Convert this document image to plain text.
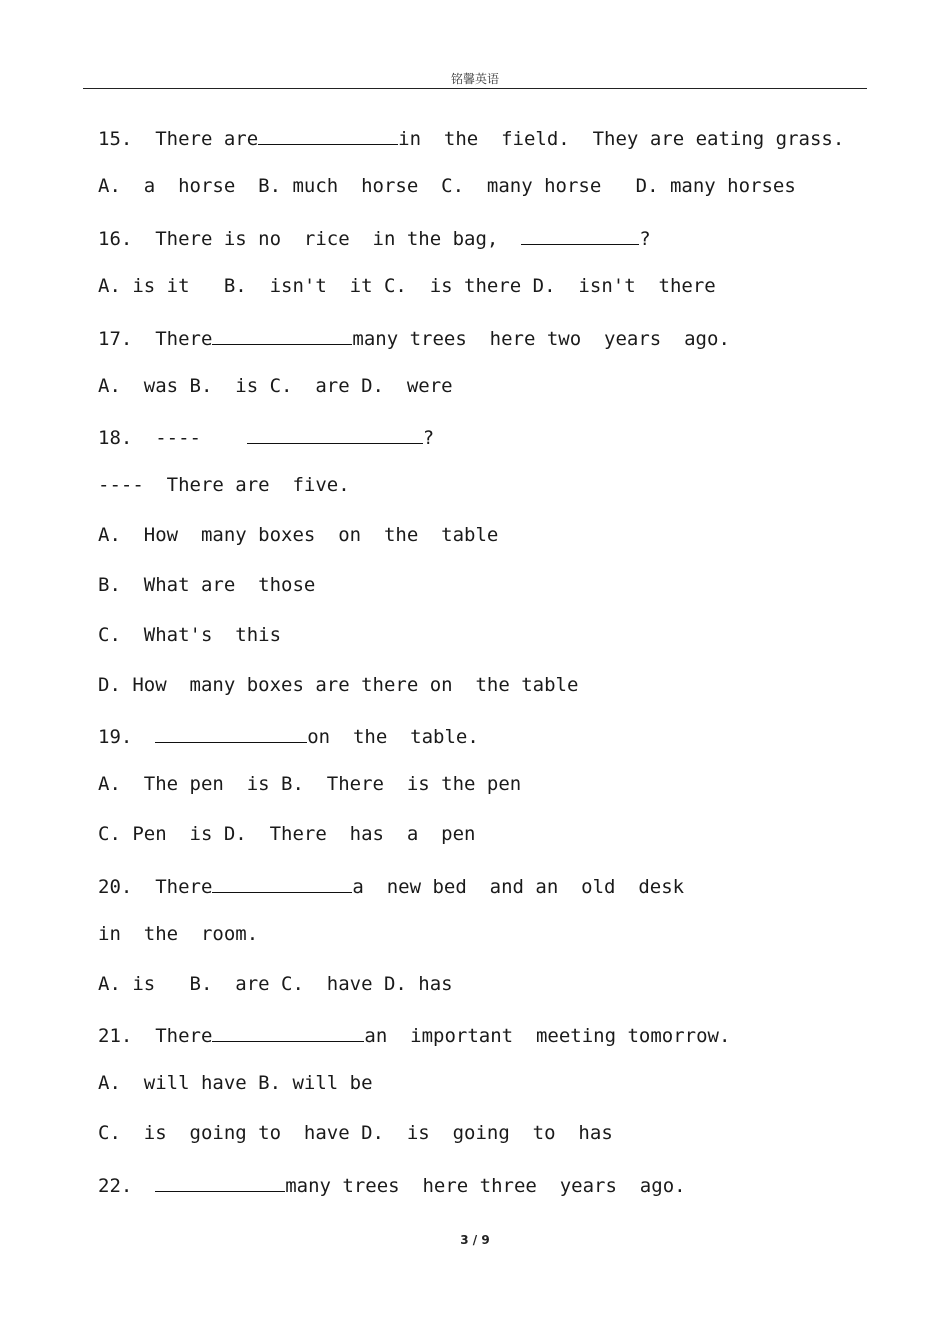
铭馨英语
15.  There are	in  the  field.  They are eating grass.
A.  a  horse  B. much  horse  C.  many horse   D. many horses
16.  There is no  rice  in the bag,	?
A. is it   B.  isn't  it C.  is there D.  isn't  there
17.  There	many trees  here two  years  ago.
A.  was B.  is C.  are D.  were
18.  ----	?
----  There are  five.
A.  How  many boxes  on  the  table
B.  What are  those
C.  What's  this
D. How  many boxes are there on  the table
19.	on  the  table.
A.  The pen  is B.  There  is the pen
C. Pen  is D.  There  has  a  pen
20.  There	a  new bed  and an  old  desk
in  the  room.
A. is   B.  are C.  have D. has
21.  There	an  important  meeting tomorrow.
A.  will have B. will be
C.  is  going to  have D.  is  going  to  has
22.	many trees  here three  years  ago.
3 / 9
